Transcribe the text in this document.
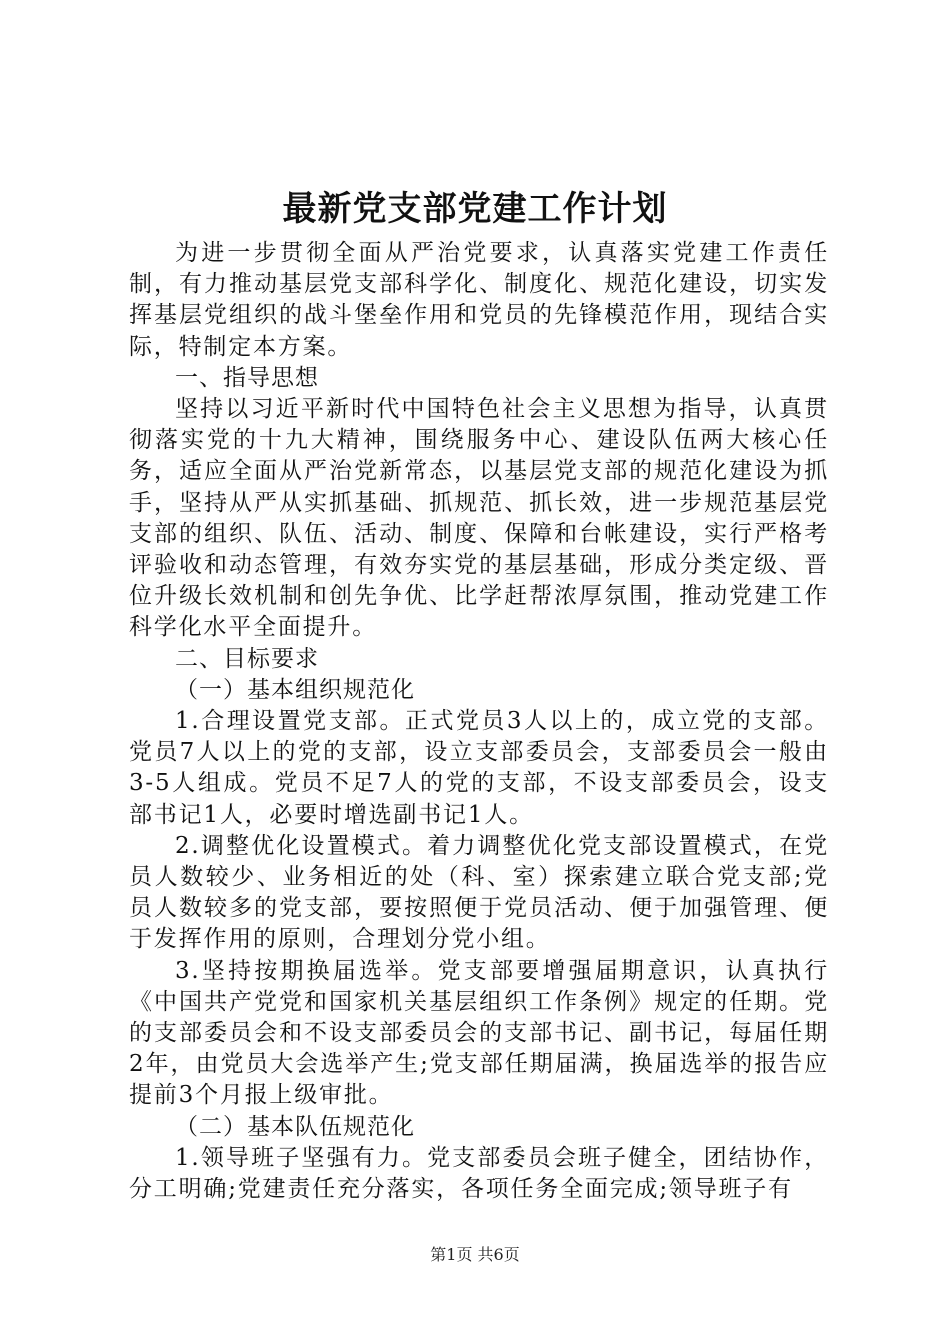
最新党支部党建工作计划

为进一步贯彻全面从严治党要求，认真落实党建工作责任制，有力推动基层党支部科学化、制度化、规范化建设，切实发挥基层党组织的战斗堡垒作用和党员的先锋模范作用，现结合实际，特制定本方案。

一、指导思想

坚持以习近平新时代中国特色社会主义思想为指导，认真贯彻落实党的十九大精神，围绕服务中心、建设队伍两大核心任务，适应全面从严治党新常态，以基层党支部的规范化建设为抓手，坚持从严从实抓基础、抓规范、抓长效，进一步规范基层党支部的组织、队伍、活动、制度、保障和台帐建设，实行严格考评验收和动态管理，有效夯实党的基层基础，形成分类定级、晋位升级长效机制和创先争优、比学赶帮浓厚氛围，推动党建工作科学化水平全面提升。

二、目标要求

（一）基本组织规范化

1.合理设置党支部。正式党员3人以上的，成立党的支部。党员7人以上的党的支部，设立支部委员会，支部委员会一般由3-5人组成。党员不足7人的党的支部，不设支部委员会，设支部书记1人，必要时增选副书记1人。

2.调整优化设置模式。着力调整优化党支部设置模式，在党员人数较少、业务相近的处（科、室）探索建立联合党支部;党员人数较多的党支部，要按照便于党员活动、便于加强管理、便于发挥作用的原则，合理划分党小组。

3.坚持按期换届选举。党支部要增强届期意识，认真执行《中国共产党党和国家机关基层组织工作条例》规定的任期。党的支部委员会和不设支部委员会的支部书记、副书记，每届任期2年，由党员大会选举产生;党支部任期届满，换届选举的报告应提前3个月报上级审批。

（二）基本队伍规范化

1.领导班子坚强有力。党支部委员会班子健全，团结协作，分工明确;党建责任充分落实，各项任务全面完成;领导班子有

第1页 共6页
